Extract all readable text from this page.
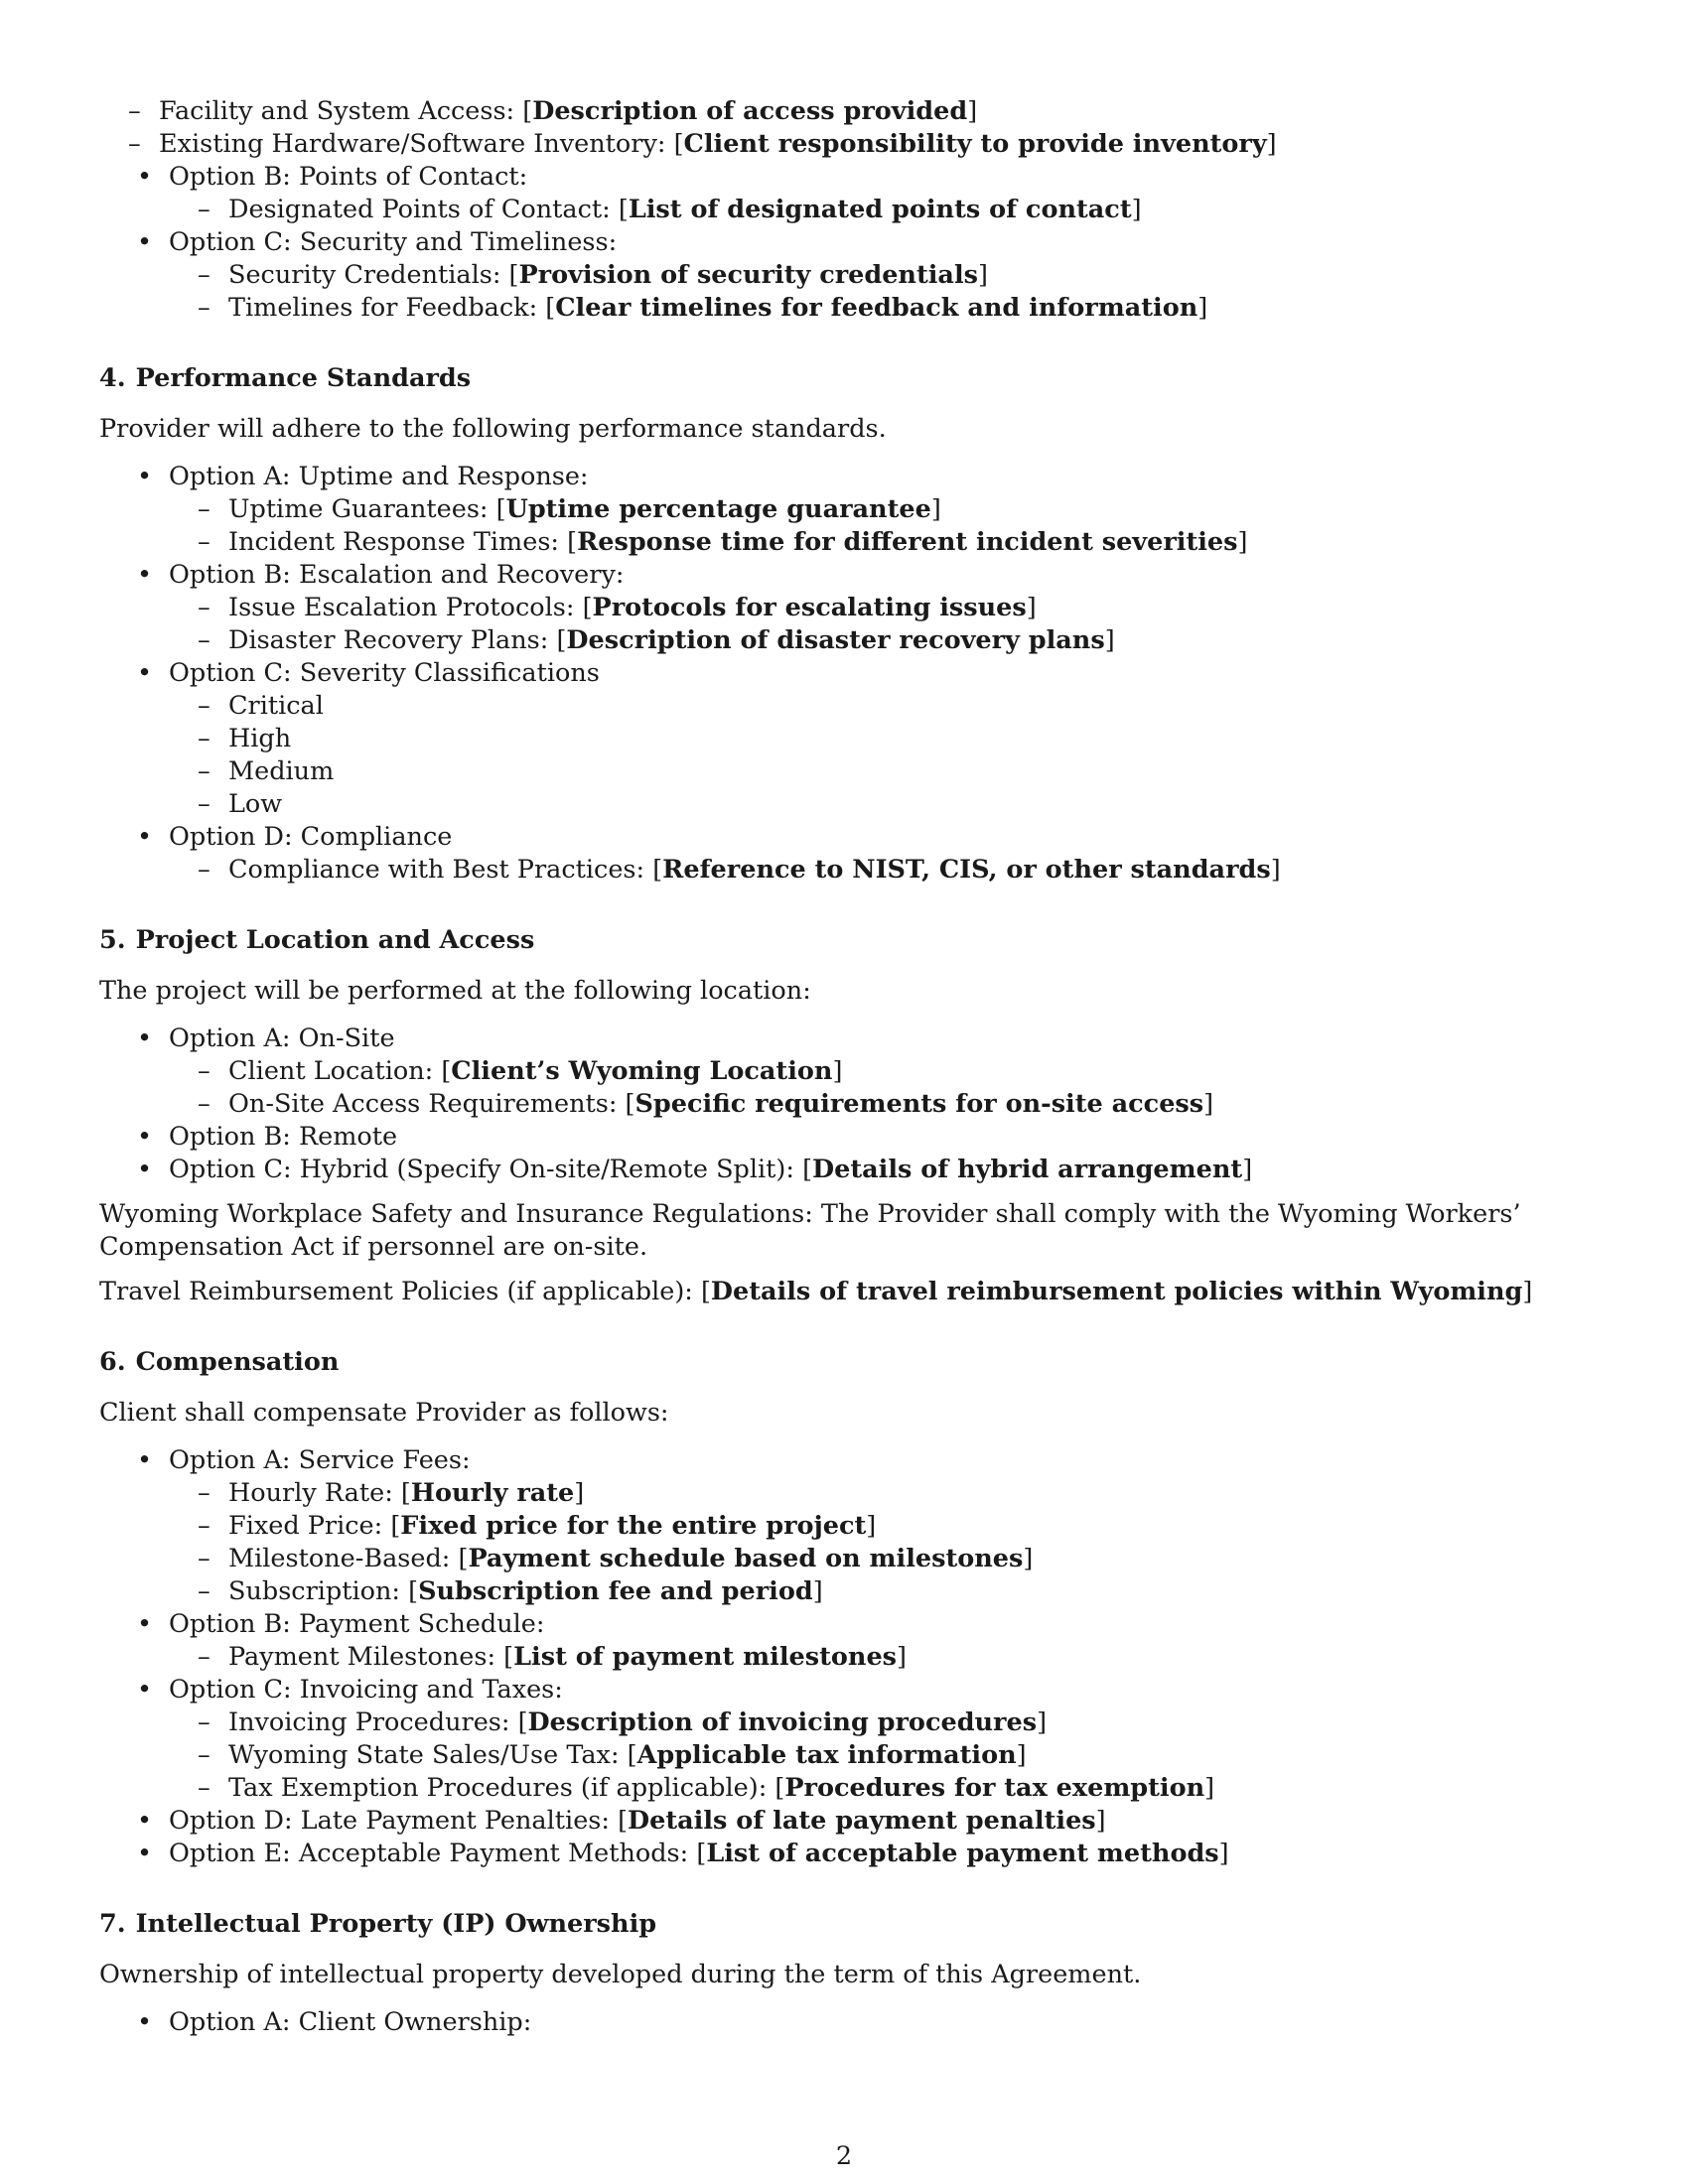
– Facility and System Access: [Description of access provided]
– Existing Hardware/Software Inventory: [Client responsibility to provide inventory]
• Option B: Points of Contact:
– Designated Points of Contact: [List of designated points of contact]
• Option C: Security and Timeliness:
– Security Credentials: [Provision of security credentials]
– Timelines for Feedback: [Clear timelines for feedback and information]
4. Performance Standards

Provider will adhere to the following performance standards.

• Option A: Uptime and Response:
– Uptime Guarantees: [Uptime percentage guarantee]
– Incident Response Times: [Response time for different incident severities]
• Option B: Escalation and Recovery:
– Issue Escalation Protocols: [Protocols for escalating issues]
– Disaster Recovery Plans: [Description of disaster recovery plans]
• Option C: Severity Classifications
– Critical
– High
– Medium
– Low
• Option D: Compliance
– Compliance with Best Practices: [Reference to NIST, CIS, or other standards]
5. Project Location and Access

The project will be performed at the following location:

• Option A: On-Site
– Client Location: [Client’s Wyoming Location]
– On-Site Access Requirements: [Specific requirements for on-site access]
• Option B: Remote
• Option C: Hybrid (Specify On-site/Remote Split): [Details of hybrid arrangement]

Wyoming Workplace Safety and Insurance Regulations: The Provider shall comply with the Wyoming Workers’ Compensation Act if personnel are on-site.

Travel Reimbursement Policies (if applicable): [Details of travel reimbursement policies within Wyoming]

6. Compensation

Client shall compensate Provider as follows:

• Option A: Service Fees:
– Hourly Rate: [Hourly rate]
– Fixed Price: [Fixed price for the entire project]
– Milestone-Based: [Payment schedule based on milestones]
– Subscription: [Subscription fee and period]
• Option B: Payment Schedule:
– Payment Milestones: [List of payment milestones]
• Option C: Invoicing and Taxes:
– Invoicing Procedures: [Description of invoicing procedures]
– Wyoming State Sales/Use Tax: [Applicable tax information]
– Tax Exemption Procedures (if applicable): [Procedures for tax exemption]
• Option D: Late Payment Penalties: [Details of late payment penalties]
• Option E: Acceptable Payment Methods: [List of acceptable payment methods]
7. Intellectual Property (IP) Ownership

Ownership of intellectual property developed during the term of this Agreement.

• Option A: Client Ownership:
2
